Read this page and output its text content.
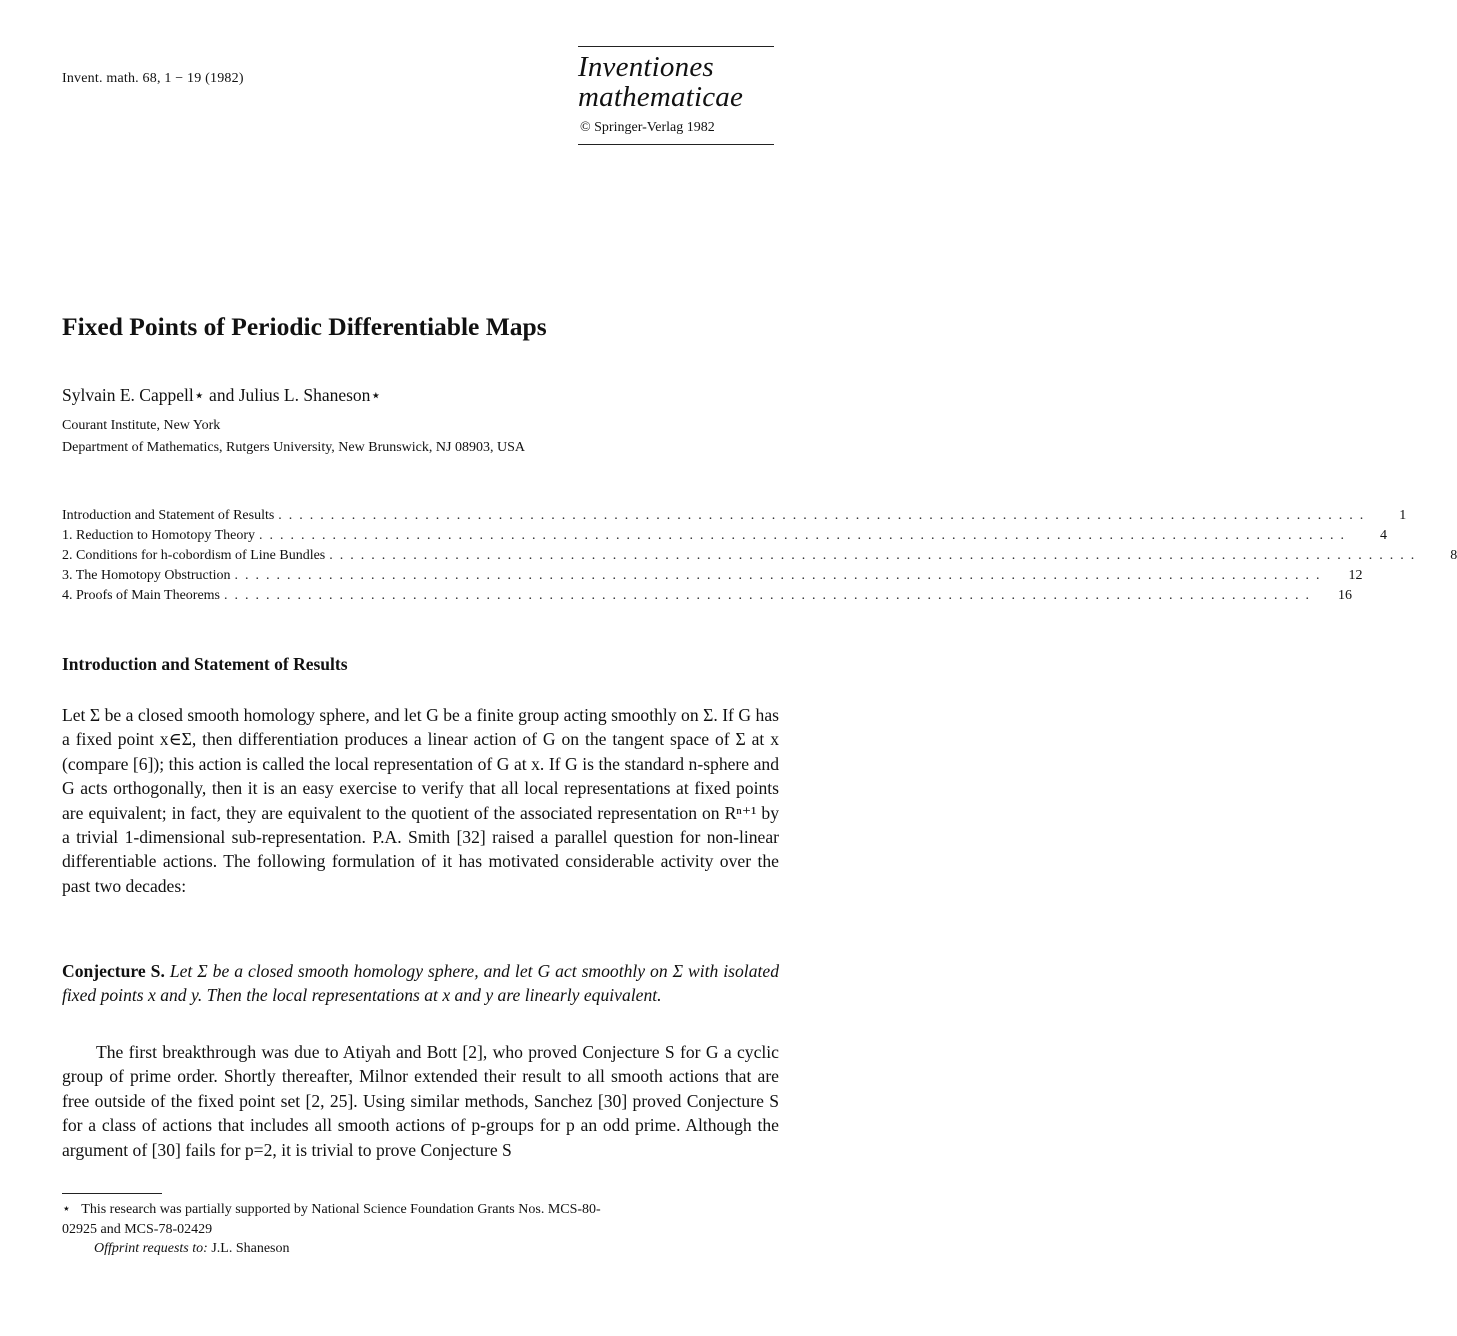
Invent. math. 68, 1 − 19 (1982)	Inventiones
mathematicae
© Springer-Verlag 1982
Fixed Points of Periodic Differentiable Maps
Sylvain E. Cappell⋆ and Julius L. Shaneson⋆
Courant Institute, New York
Department of Mathematics, Rutgers University, New Brunswick, NJ 08903, USA
Introduction and Statement of Results ........................................................................................................	1
1. Reduction to Homotopy Theory ........................................................................................................	4
2. Conditions for h-cobordism of Line Bundles ........................................................................................................	8
3. The Homotopy Obstruction ........................................................................................................	12
4. Proofs of Main Theorems ........................................................................................................	16
Introduction and Statement of Results

Let Σ be a closed smooth homology sphere, and let G be a finite group acting smoothly on Σ. If G has a fixed point x∈Σ, then differentiation produces a linear action of G on the tangent space of Σ at x (compare [6]); this action is called the local representation of G at x. If G is the standard n-sphere and G acts orthogonally, then it is an easy exercise to verify that all local representations at fixed points are equivalent; in fact, they are equivalent to the quotient of the associated representation on Rⁿ⁺¹ by a trivial 1-dimensional sub-representation. P.A. Smith [32] raised a parallel question for non-linear differentiable actions. The following formulation of it has motivated considerable activity over the past two decades:

Conjecture S. Let Σ be a closed smooth homology sphere, and let G act smoothly on Σ with isolated fixed points x and y. Then the local representations at x and y are linearly equivalent.

The first breakthrough was due to Atiyah and Bott [2], who proved Conjecture S for G a cyclic group of prime order. Shortly thereafter, Milnor extended their result to all smooth actions that are free outside of the fixed point set [2, 25]. Using similar methods, Sanchez [30] proved Conjecture S for a class of actions that includes all smooth actions of p-groups for p an odd prime. Although the argument of [30] fails for p=2, it is trivial to prove Conjecture S

⋆ This research was partially supported by National Science Foundation Grants Nos. MCS-80-
02925 and MCS-78-02429
Offprint requests to: J.L. Shaneson
